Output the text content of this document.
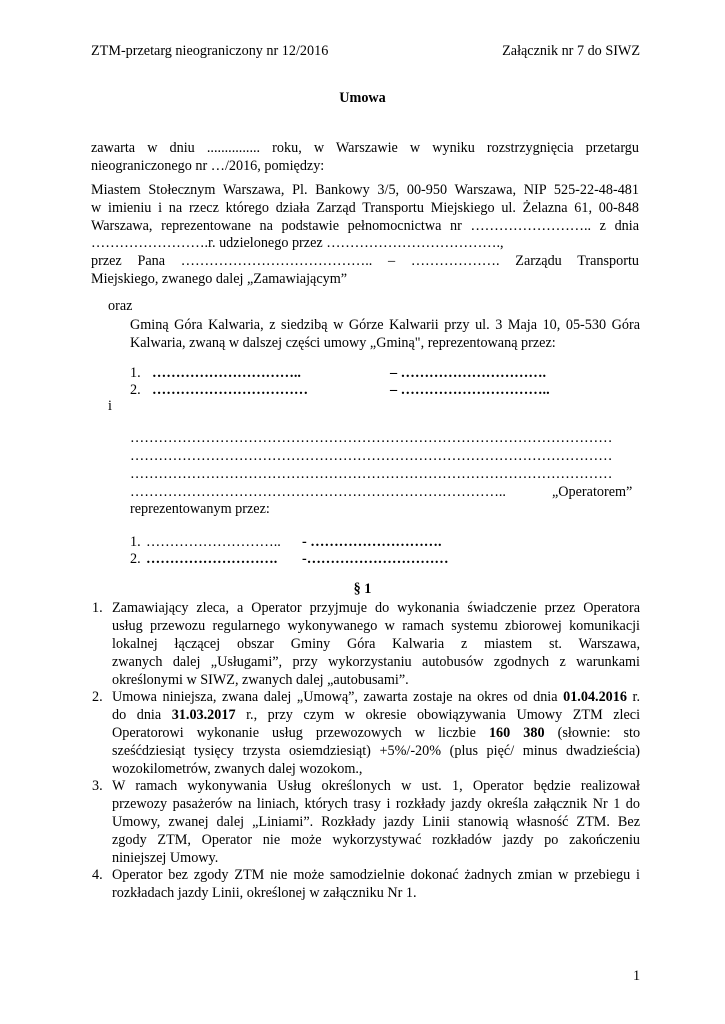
ZTM-przetarg nieograniczony nr 12/2016	Załącznik nr 7 do SIWZ
Umowa
zawarta w dniu ............... roku, w Warszawie w wyniku rozstrzygnięcia przetargu
nieograniczonego nr …/2016, pomiędzy:
Miastem Stołecznym Warszawa, Pl. Bankowy 3/5, 00-950 Warszawa, NIP 525-22-48-481
w imieniu i na rzecz którego działa Zarząd Transportu Miejskiego ul. Żelazna 61, 00-848
Warszawa, reprezentowane na podstawie pełnomocnictwa nr …………………….. z dnia
…………………….r. udzielonego przez ……………………………….,
przez Pana ………………………………….. – ………………. Zarządu Transportu
Miejskiego, zwanego dalej „Zamawiającym”
oraz
Gminą Góra Kalwaria, z siedzibą w Górze Kalwarii przy ul. 3 Maja 10, 05-530 Góra
Kalwaria, zwaną w dalszej części umowy „Gminą", reprezentowaną przez:
1. …………………………..	– ………………………….
2. ……………………………	– …………………………..
i
…………………………………………………………………………………………
…………………………………………………………………………………………
…………………………………………………………………………………………
……………………………………………………………………..	„Operatorem”
reprezentowanym przez:
1. ……………………….. - ……………………….
2. ………………………. -…………………………
§ 1
1. Zamawiający zleca, a Operator przyjmuje do wykonania świadczenie przez Operatora
usług przewozu regularnego wykonywanego w ramach systemu zbiorowej komunikacji
lokalnej łączącej obszar Gminy Góra Kalwaria z miastem st. Warszawa,
zwanych dalej „Usługami”, przy wykorzystaniu autobusów zgodnych z warunkami
określonymi w SIWZ, zwanych dalej „autobusami”.
2. Umowa niniejsza, zwana dalej „Umową”, zawarta zostaje na okres od dnia 01.04.2016 r.
do dnia 31.03.2017 r., przy czym w okresie obowiązywania Umowy ZTM zleci
Operatorowi wykonanie usług przewozowych w liczbie 160 380 (słownie: sto
sześćdziesiąt tysięcy trzysta osiemdziesiąt) +5%/-20% (plus pięć/ minus dwadzieścia)
wozokilometrów, zwanych dalej wozokom.,
3. W ramach wykonywania Usług określonych w ust. 1, Operator będzie realizował
przewozy pasażerów na liniach, których trasy i rozkłady jazdy określa załącznik Nr 1 do
Umowy, zwanej dalej „Liniami”. Rozkłady jazdy Linii stanowią własność ZTM. Bez
zgody ZTM, Operator nie może wykorzystywać rozkładów jazdy po zakończeniu
niniejszej Umowy.
4. Operator bez zgody ZTM nie może samodzielnie dokonać żadnych zmian w przebiegu i
rozkładach jazdy Linii, określonej w załączniku Nr 1.
1
